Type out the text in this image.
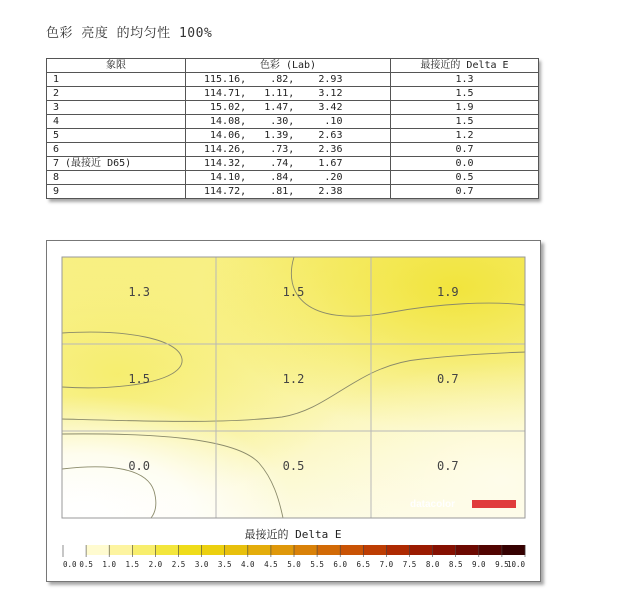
色彩 亮度 的均匀性 100%
象限	色彩 (Lab)	最接近的 Delta E
1	115.16,    .82,    2.93	1.3
2	114.71,   1.11,    3.12	1.5
3	15.02,   1.47,    3.42	1.9
4	14.08,    .30,     .10	1.5
5	14.06,   1.39,    2.63	1.2
6	114.26,    .73,    2.36	0.7
7 (最接近 D65)	114.32,    .74,    1.67	0.0
8	14.10,    .84,     .20	0.5
9	114.72,    .81,    2.38	0.7
1.3	1.5	1.9
1.5	1.2	0.7
0.0	0.5	0.7
datacolor
最接近的 Delta E
0.0 0.5 1.0 1.5 2.0 2.5 3.0 3.5 4.0 4.5 5.0 5.5 6.0 6.5 7.0 7.5 8.0 8.5 9.0 9.5
10.0
